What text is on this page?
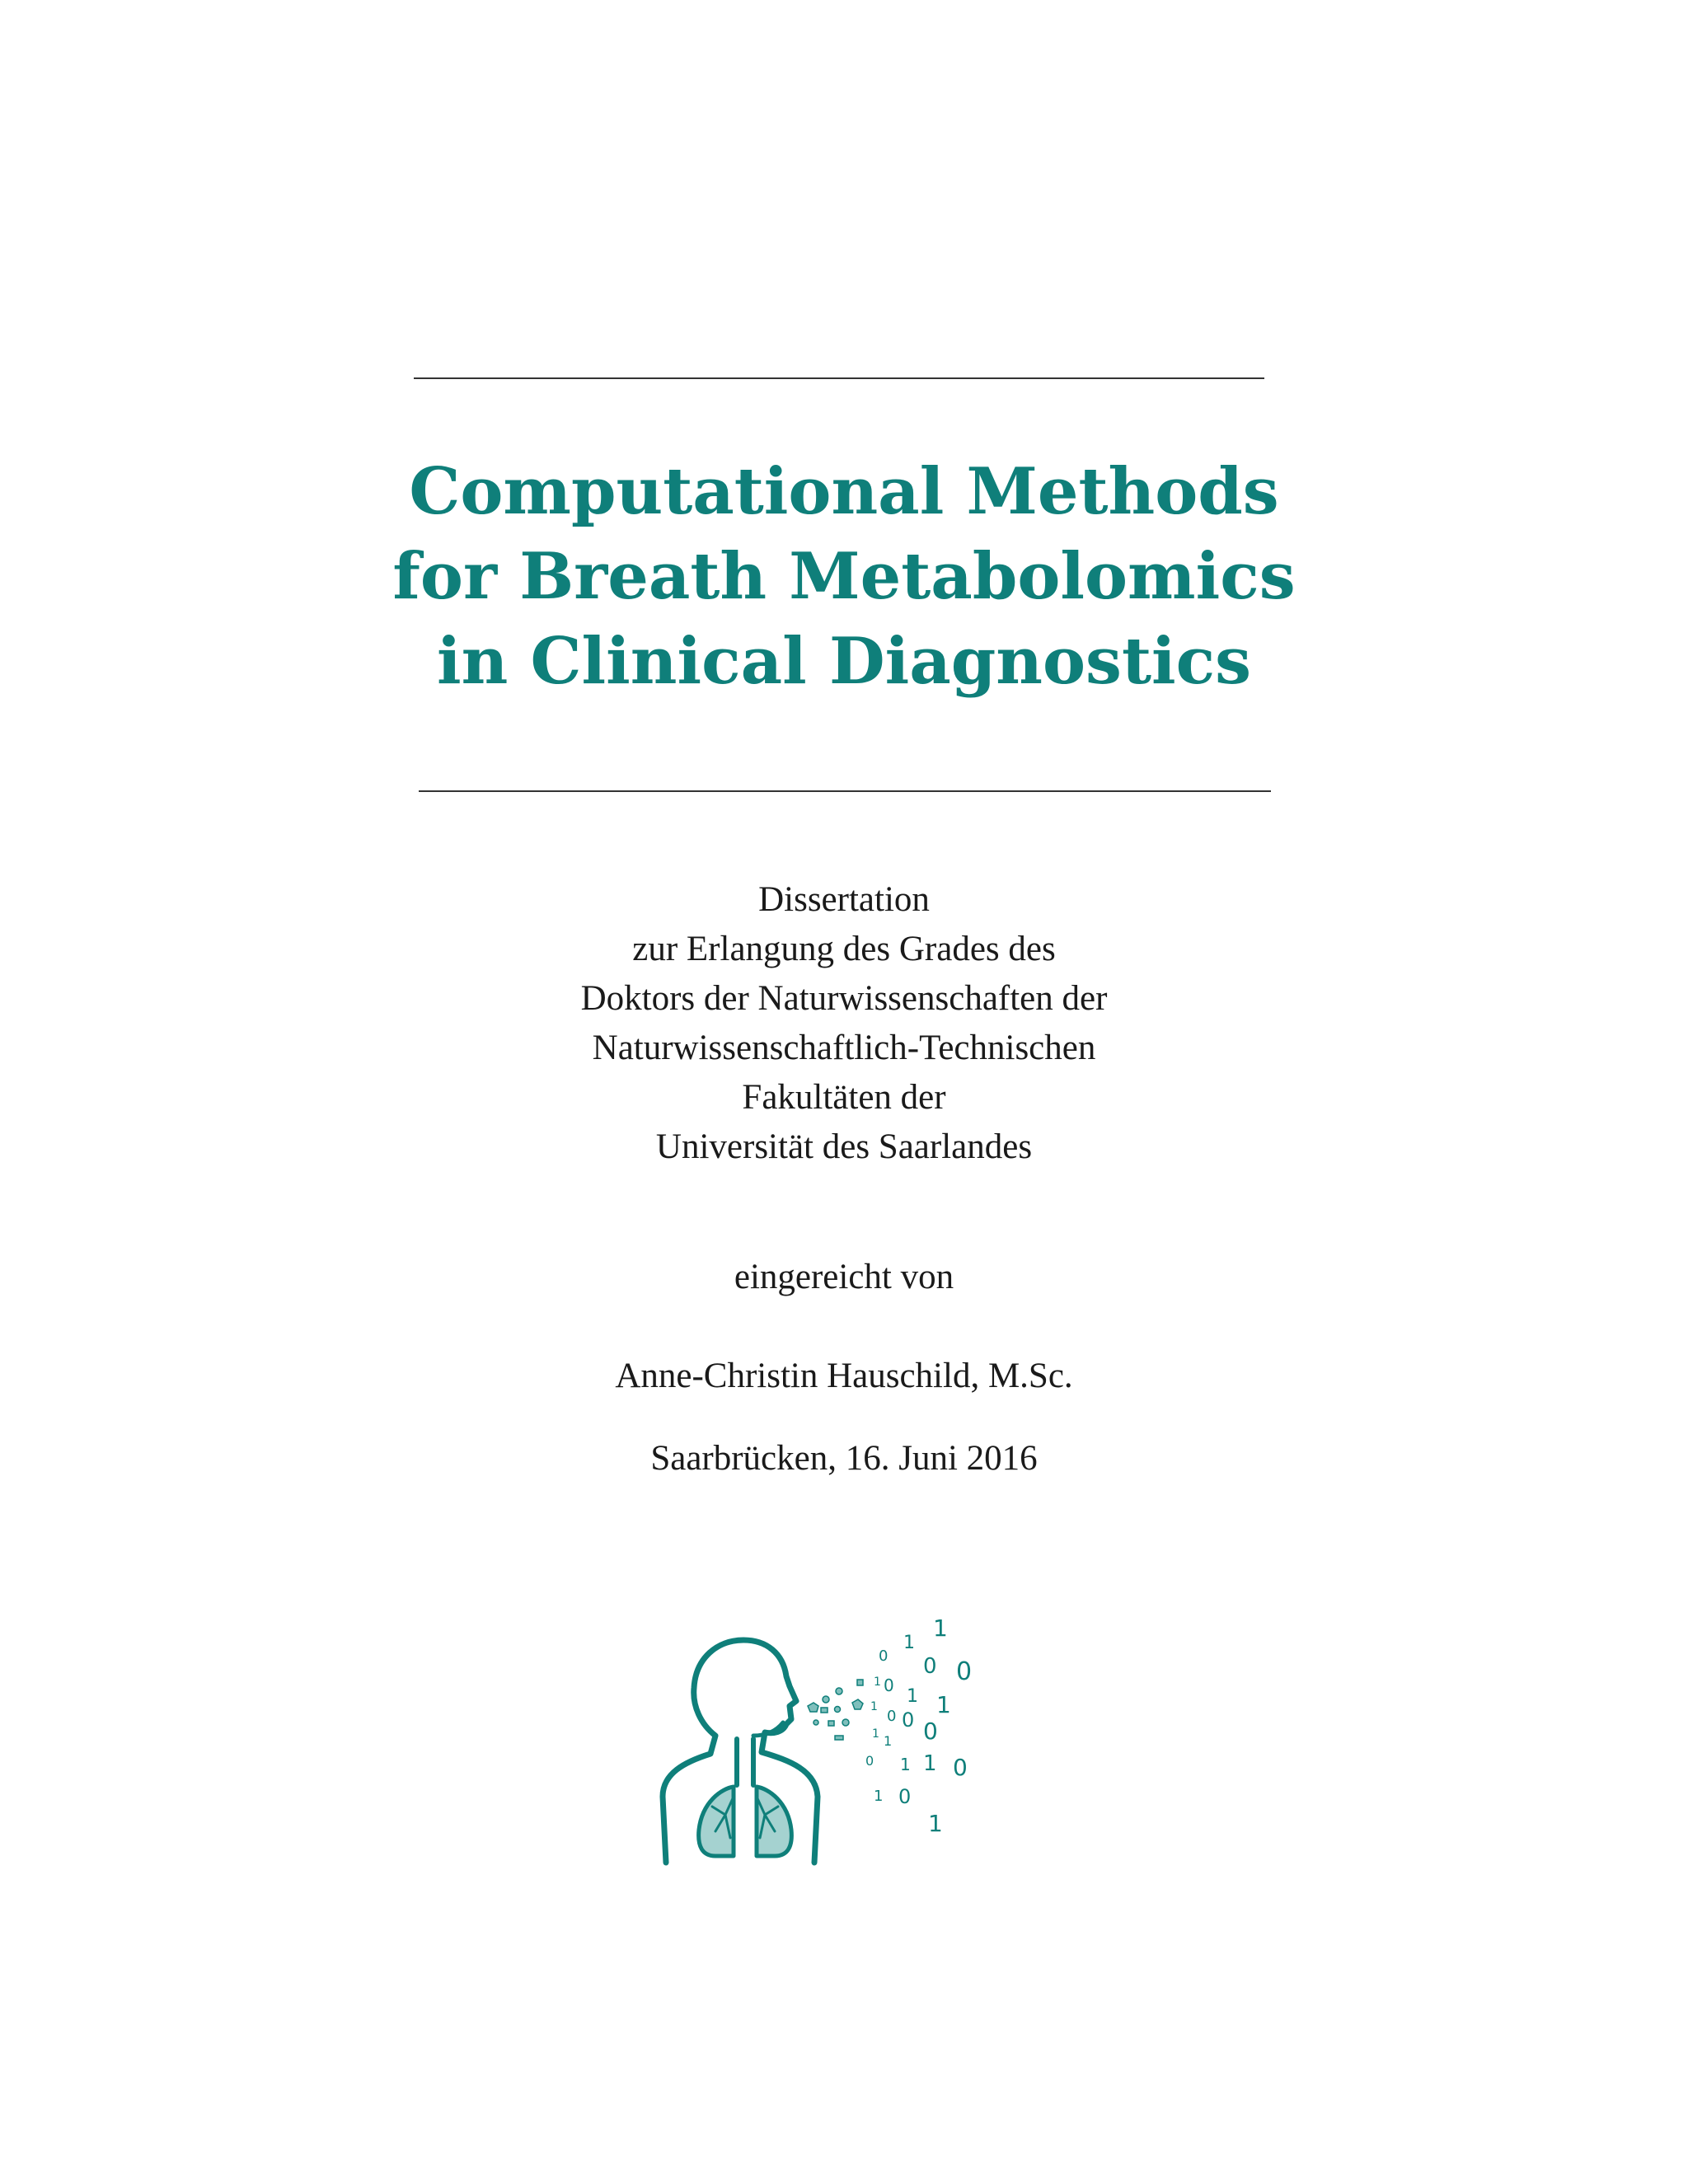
Computational Methods
for Breath Metabolomics
in Clinical Diagnostics
Dissertation
zur Erlangung des Grades des
Doktors der Naturwissenschaften der
Naturwissenschaftlich-Technischen
Fakultäten der
Universität des Saarlandes
eingereicht von
Anne-Christin Hauschild, M.Sc.
Saarbrücken, 16. Juni 2016
0
1
1
0 0
1 0
1 1
1
0 0 0
1 1
1 1 0
0
1 0
1
